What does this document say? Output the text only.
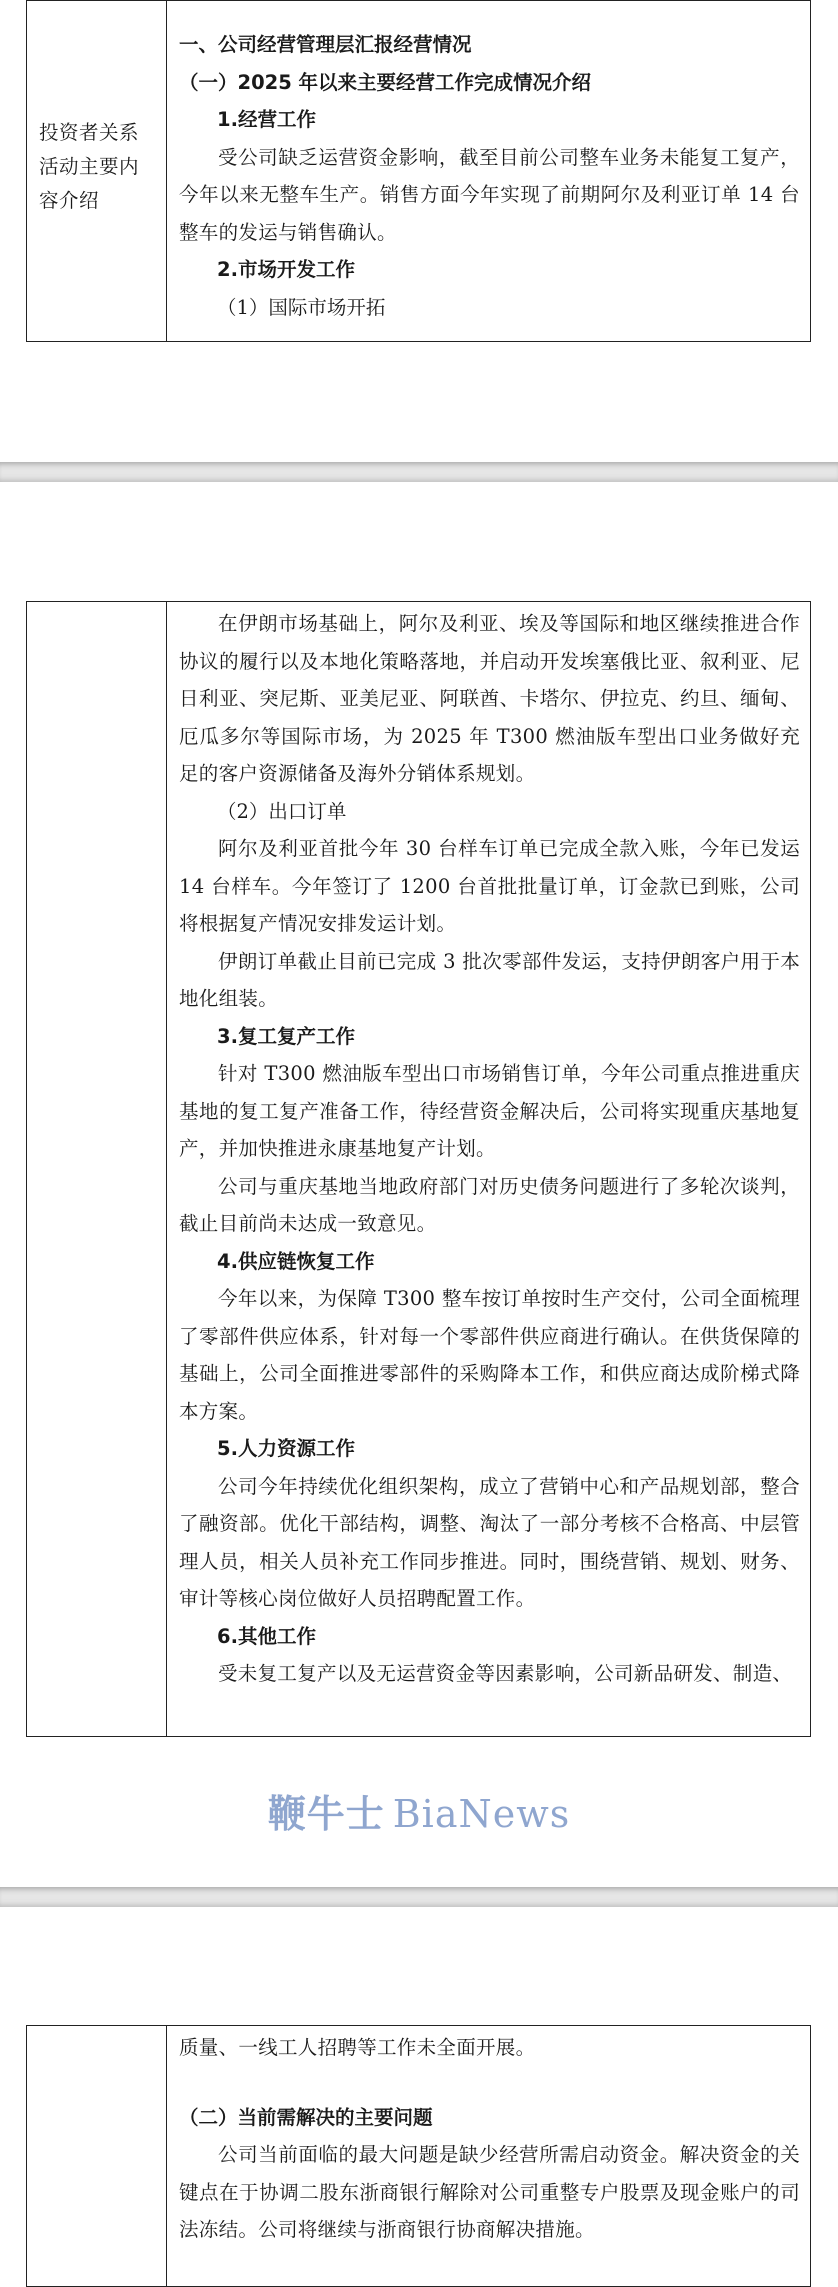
投资者关系活动主要内容介绍

一、公司经营管理层汇报经营情况
（一）2025 年以来主要经营工作完成情况介绍
1.经营工作

受公司缺乏运营资金影响，截至目前公司整车业务未能复工复产，今年以来无整车生产。销售方面今年实现了前期阿尔及利亚订单 14 台整车的发运与销售确认。

2.市场开发工作
（1）国际市场开拓

在伊朗市场基础上，阿尔及利亚、埃及等国际和地区继续推进合作协议的履行以及本地化策略落地，并启动开发埃塞俄比亚、叙利亚、尼日利亚、突尼斯、亚美尼亚、阿联酋、卡塔尔、伊拉克、约旦、缅甸、厄瓜多尔等国际市场，为 2025 年 T300 燃油版车型出口业务做好充足的客户资源储备及海外分销体系规划。

（2）出口订单

阿尔及利亚首批今年 30 台样车订单已完成全款入账，今年已发运 14 台样车。今年签订了 1200 台首批批量订单，订金款已到账，公司将根据复产情况安排发运计划。

伊朗订单截止目前已完成 3 批次零部件发运，支持伊朗客户用于本地化组装。

3.复工复产工作

针对 T300 燃油版车型出口市场销售订单，今年公司重点推进重庆基地的复工复产准备工作，待经营资金解决后，公司将实现重庆基地复产，并加快推进永康基地复产计划。

公司与重庆基地当地政府部门对历史债务问题进行了多轮次谈判，截止目前尚未达成一致意见。

4.供应链恢复工作

今年以来，为保障 T300 整车按订单按时生产交付，公司全面梳理了零部件供应体系，针对每一个零部件供应商进行确认。在供货保障的基础上，公司全面推进零部件的采购降本工作，和供应商达成阶梯式降本方案。

5.人力资源工作

公司今年持续优化组织架构，成立了营销中心和产品规划部，整合了融资部。优化干部结构，调整、淘汰了一部分考核不合格高、中层管理人员，相关人员补充工作同步推进。同时，围绕营销、规划、财务、审计等核心岗位做好人员招聘配置工作。

6.其他工作

受未复工复产以及无运营资金等因素影响，公司新品研发、制造、

鞭牛士 BiaNews

质量、一线工人招聘等工作未全面开展。

（二）当前需解决的主要问题

公司当前面临的最大问题是缺少经营所需启动资金。解决资金的关键点在于协调二股东浙商银行解除对公司重整专户股票及现金账户的司法冻结。公司将继续与浙商银行协商解决措施。
